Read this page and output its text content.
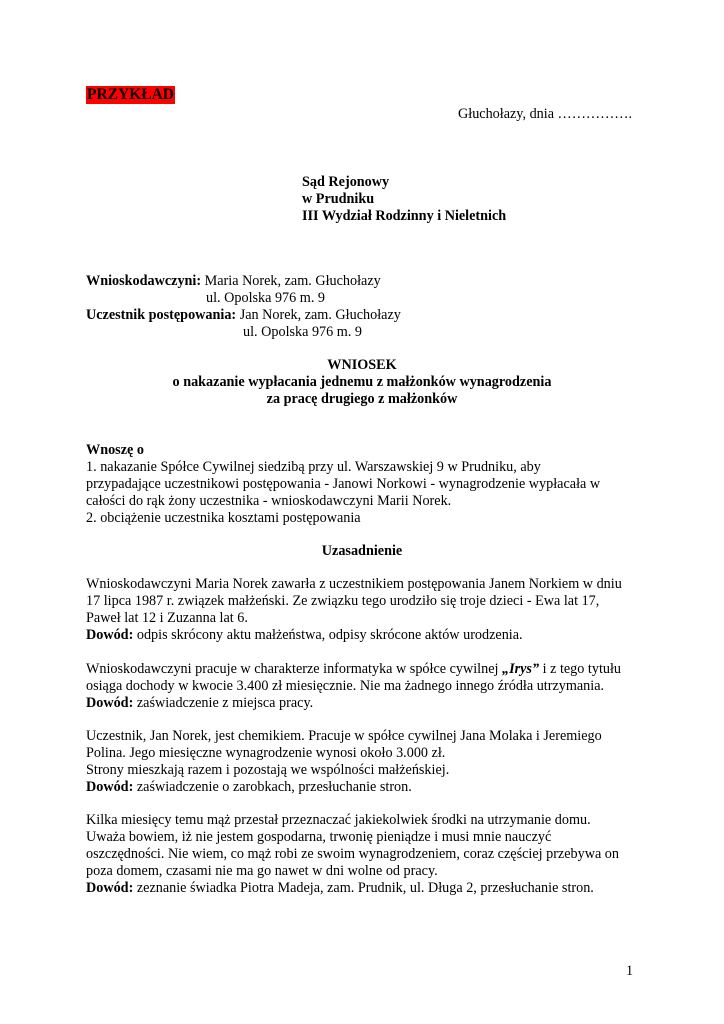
PRZYKŁAD
Głuchołazy, dnia …………….
Sąd Rejonowy
w Prudniku
III Wydział Rodzinny i Nieletnich
Wnioskodawczyni: Maria Norek, zam. Głuchołazy
ul. Opolska 976 m. 9
Uczestnik postępowania: Jan Norek, zam. Głuchołazy
ul. Opolska 976 m. 9
WNIOSEK
o nakazanie wypłacania jednemu z małżonków wynagrodzenia
za pracę drugiego z małżonków
Wnoszę o
1. nakazanie Spółce Cywilnej siedzibą przy ul. Warszawskiej 9 w Prudniku, aby
przypadające uczestnikowi postępowania - Janowi Norkowi - wynagrodzenie wypłacała w
całości do rąk żony uczestnika - wnioskodawczyni Marii Norek.
2. obciążenie uczestnika kosztami postępowania
Uzasadnienie
Wnioskodawczyni Maria Norek zawarła z uczestnikiem postępowania Janem Norkiem w dniu
17 lipca 1987 r. związek małżeński. Ze związku tego urodziło się troje dzieci - Ewa lat 17,
Paweł lat 12 i Zuzanna lat 6.
Dowód: odpis skrócony aktu małżeństwa, odpisy skrócone aktów urodzenia.
Wnioskodawczyni pracuje w charakterze informatyka w spółce cywilnej „Irys” i z tego tytułu
osiąga dochody w kwocie 3.400 zł miesięcznie. Nie ma żadnego innego źródła utrzymania.
Dowód: zaświadczenie z miejsca pracy.
Uczestnik, Jan Norek, jest chemikiem. Pracuje w spółce cywilnej Jana Molaka i Jeremiego
Polina. Jego miesięczne wynagrodzenie wynosi około 3.000 zł.
Strony mieszkają razem i pozostają we wspólności małżeńskiej.
Dowód: zaświadczenie o zarobkach, przesłuchanie stron.
Kilka miesięcy temu mąż przestał przeznaczać jakiekolwiek środki na utrzymanie domu.
Uważa bowiem, iż nie jestem gospodarna, trwonię pieniądze i musi mnie nauczyć
oszczędności. Nie wiem, co mąż robi ze swoim wynagrodzeniem, coraz częściej przebywa on
poza domem, czasami nie ma go nawet w dni wolne od pracy.
Dowód: zeznanie świadka Piotra Madeja, zam. Prudnik, ul. Długa 2, przesłuchanie stron.
1
